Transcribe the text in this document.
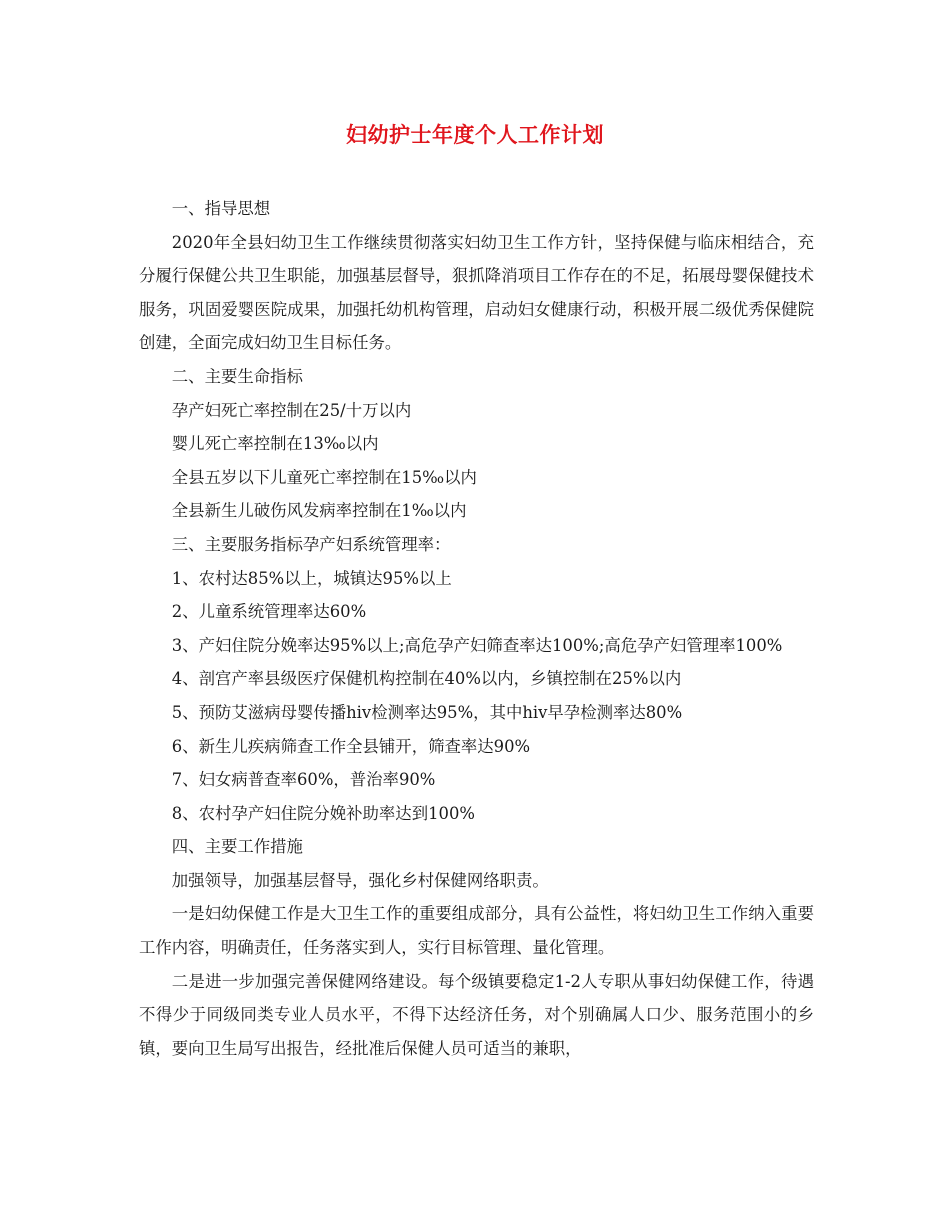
妇幼护士年度个人工作计划

一、指导思想

2020年全县妇幼卫生工作继续贯彻落实妇幼卫生工作方针，坚持保健与临床相结合，充分履行保健公共卫生职能，加强基层督导，狠抓降消项目工作存在的不足，拓展母婴保健技术服务，巩固爱婴医院成果，加强托幼机构管理，启动妇女健康行动，积极开展二级优秀保健院创建，全面完成妇幼卫生目标任务。

二、主要生命指标

孕产妇死亡率控制在25/十万以内

婴儿死亡率控制在13‰以内

全县五岁以下儿童死亡率控制在15‰以内

全县新生儿破伤风发病率控制在1‰以内

三、主要服务指标孕产妇系统管理率：

1、农村达85%以上，城镇达95%以上

2、儿童系统管理率达60%

3、产妇住院分娩率达95%以上;高危孕产妇筛查率达100%;高危孕产妇管理率100%

4、剖宫产率县级医疗保健机构控制在40%以内，乡镇控制在25%以内

5、预防艾滋病母婴传播hiv检测率达95%，其中hiv早孕检测率达80%

6、新生儿疾病筛查工作全县铺开，筛查率达90%

7、妇女病普查率60%，普治率90%

8、农村孕产妇住院分娩补助率达到100%

四、主要工作措施

加强领导，加强基层督导，强化乡村保健网络职责。

一是妇幼保健工作是大卫生工作的重要组成部分，具有公益性，将妇幼卫生工作纳入重要工作内容，明确责任，任务落实到人，实行目标管理、量化管理。

二是进一步加强完善保健网络建设。每个级镇要稳定1-2人专职从事妇幼保健工作，待遇不得少于同级同类专业人员水平，不得下达经济任务，对个别确属人口少、服务范围小的乡镇，要向卫生局写出报告，经批准后保健人员可适当的兼职，
